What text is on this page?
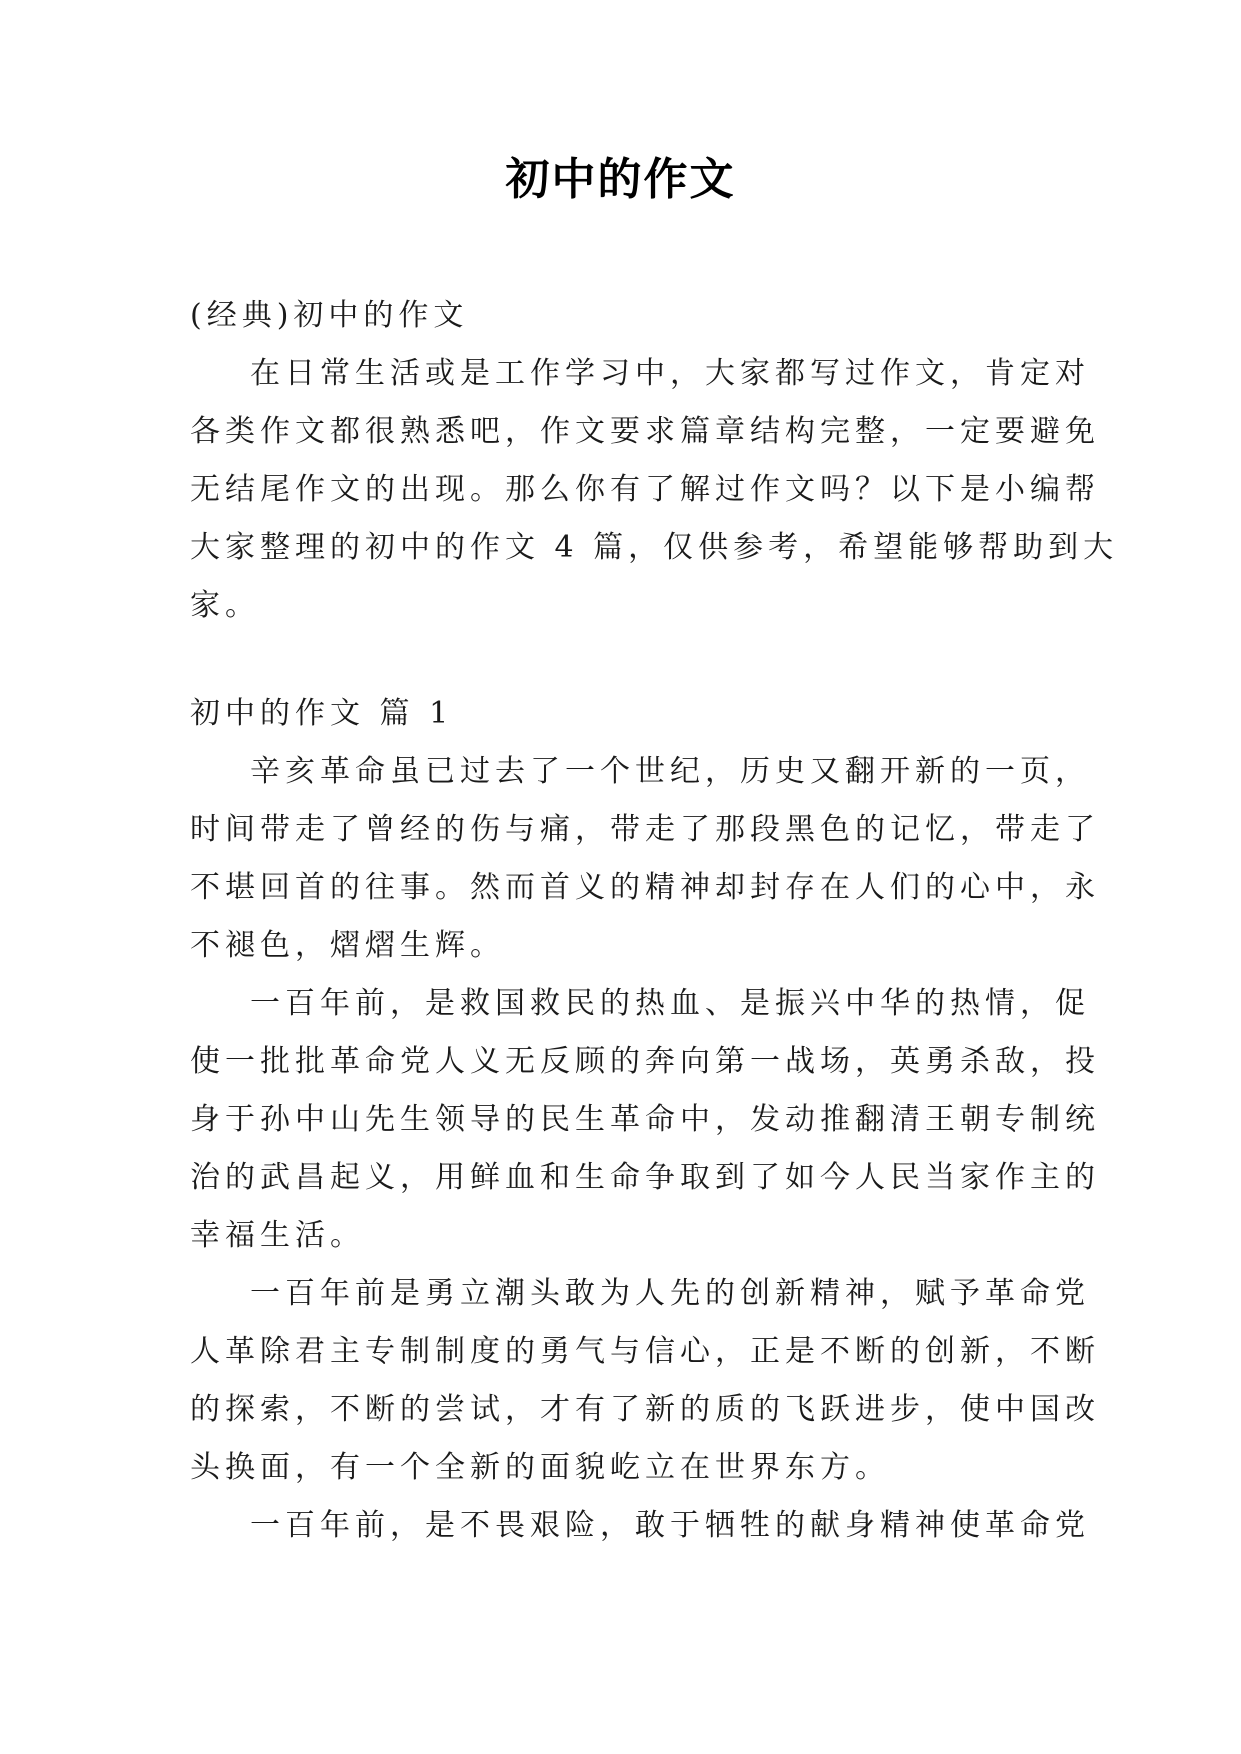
初中的作文
(经典)初中的作文
在日常生活或是工作学习中，大家都写过作文，肯定对
各类作文都很熟悉吧，作文要求篇章结构完整，一定要避免
无结尾作文的出现。那么你有了解过作文吗？以下是小编帮
大家整理的初中的作文 4 篇，仅供参考，希望能够帮助到大
家。
初中的作文 篇 1
辛亥革命虽已过去了一个世纪，历史又翻开新的一页，
时间带走了曾经的伤与痛，带走了那段黑色的记忆，带走了
不堪回首的往事。然而首义的精神却封存在人们的心中，永
不褪色，熠熠生辉。
一百年前，是救国救民的热血、是振兴中华的热情，促
使一批批革命党人义无反顾的奔向第一战场，英勇杀敌，投
身于孙中山先生领导的民生革命中，发动推翻清王朝专制统
治的武昌起义，用鲜血和生命争取到了如今人民当家作主的
幸福生活。
一百年前是勇立潮头敢为人先的创新精神，赋予革命党
人革除君主专制制度的勇气与信心，正是不断的创新，不断
的探索，不断的尝试，才有了新的质的飞跃进步，使中国改
头换面，有一个全新的面貌屹立在世界东方。
一百年前，是不畏艰险，敢于牺牲的献身精神使革命党
